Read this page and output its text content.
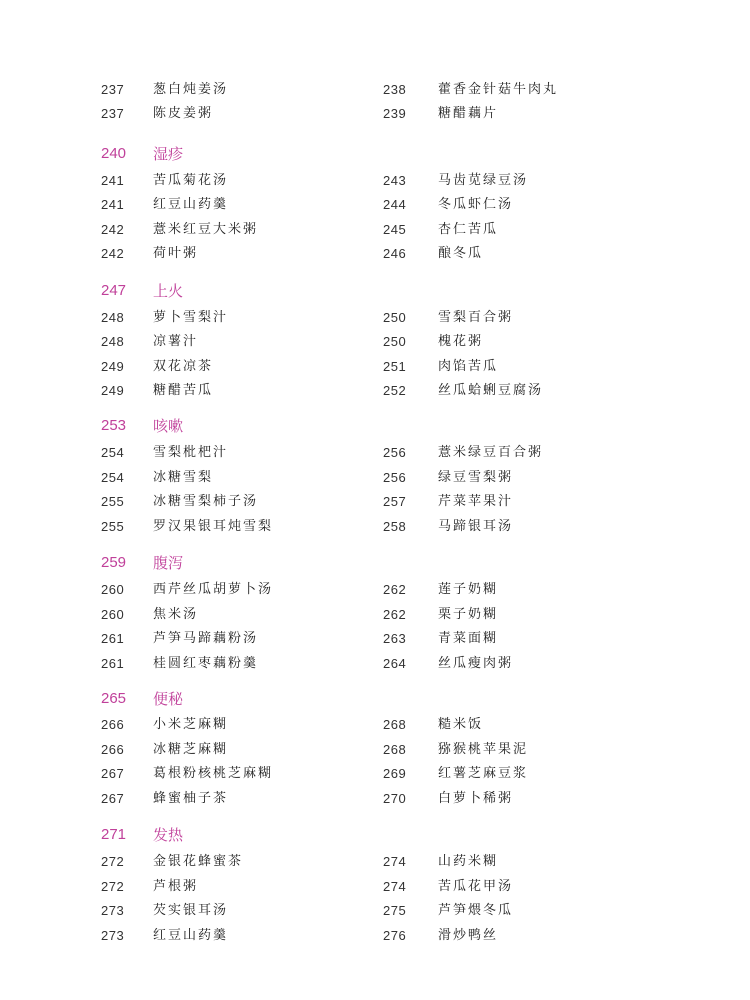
237 葱白炖姜汤
237 陈皮姜粥
238 藿香金针菇牛肉丸
239 糖醋藕片
240 湿疹
241 苦瓜菊花汤
241 红豆山药羹
242 薏米红豆大米粥
242 荷叶粥
243 马齿苋绿豆汤
244 冬瓜虾仁汤
245 杏仁苦瓜
246 酿冬瓜
247 上火
248 萝卜雪梨汁
248 凉薯汁
249 双花凉茶
249 糖醋苦瓜
250 雪梨百合粥
250 槐花粥
251 肉馅苦瓜
252 丝瓜蛤蜊豆腐汤
253 咳嗽
254 雪梨枇杷汁
254 冰糖雪梨
255 冰糖雪梨柿子汤
255 罗汉果银耳炖雪梨
256 薏米绿豆百合粥
256 绿豆雪梨粥
257 芹菜苹果汁
258 马蹄银耳汤
259 腹泻
260 西芹丝瓜胡萝卜汤
260 焦米汤
261 芦笋马蹄藕粉汤
261 桂圆红枣藕粉羹
262 莲子奶糊
262 栗子奶糊
263 青菜面糊
264 丝瓜瘦肉粥
265 便秘
266 小米芝麻糊
266 冰糖芝麻糊
267 葛根粉核桃芝麻糊
267 蜂蜜柚子茶
268 糙米饭
268 猕猴桃苹果泥
269 红薯芝麻豆浆
270 白萝卜稀粥
271 发热
272 金银花蜂蜜茶
272 芦根粥
273 芡实银耳汤
273 红豆山药羹
274 山药米糊
274 苦瓜花甲汤
275 芦笋煨冬瓜
276 滑炒鸭丝
